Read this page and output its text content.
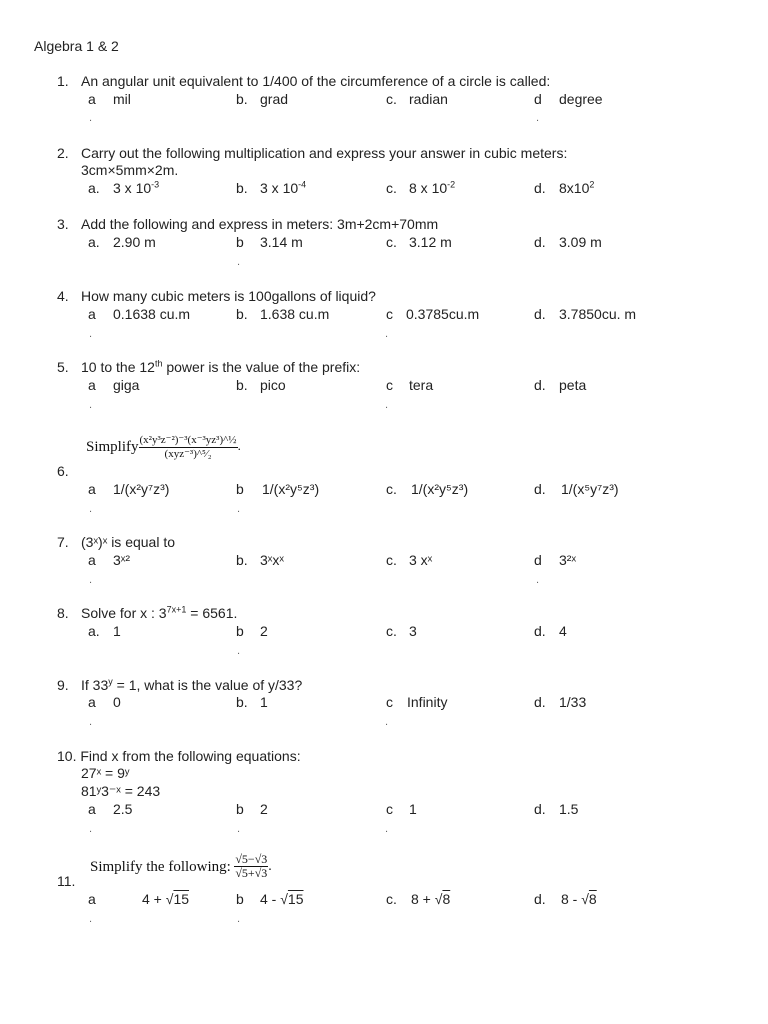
Algebra 1 & 2
1. An angular unit equivalent to 1/400 of the circumference of a circle is called:
a mil	b. grad	c. radian	d degree
.	.
2. Carry out the following multiplication and express your answer in cubic meters:
3cm×5mm×2m.
a. 3 x $10^{-3}$	b. 3 x $10^{-4}$	c. 8 x $10^{-2}$	d. $8x10^2$
3. Add the following and express in meters: 3m+2cm+70mm
a. 2.90 m	b 3.14 m	c. 3.12 m	d. 3.09 m
.
4. How many cubic meters is 100gallons of liquid?
a 0.1638 cu.m	b. 1.638 cu.m	c 0.3785cu.m	d. 3.7850cu. m
.	.
5. 10 to the 12th power is the value of the prefix:
a giga	b. pico	c tera	d. peta
.	.
Simplify $\frac{\text{(x²y³z⁻²)⁻³(x⁻³yz³)\textasciicircum{}½}}{\text{(xyz⁻³)\textasciicircum{}⁵⁄₂}}$ .
6.
a 1/(x²y⁷z³)	b 1/(x²y⁵z³)	c. 1/(x²y⁵z³)	d. 1/(x⁵y⁷z³)
.	.
7. (3ˣ)ˣ is equal to
a 3ˣ²	b. 3ˣxˣ	c. 3 xˣ	d 3²ˣ
.	.
8. Solve for x : $3^{7x+1} = 6561$.
a. 1	b 2	c. 3	d. 4
.
9. If $33^y = 1$, what is the value of y/33?
a 0	b. 1	c Infinity	d. 1/33
.	.
10. Find x from the following equations:
27ˣ = 9ʸ
81ʸ3⁻ˣ = 243
a 2.5	b 2	c 1	d. 1.5
.	.	.
Simplify the following: $\frac{√5-√3}{√5+√3}$ .
11.
a	4 + √15	b 4 - √15	c. 8 + √8	d. 8 - √8
.	.
